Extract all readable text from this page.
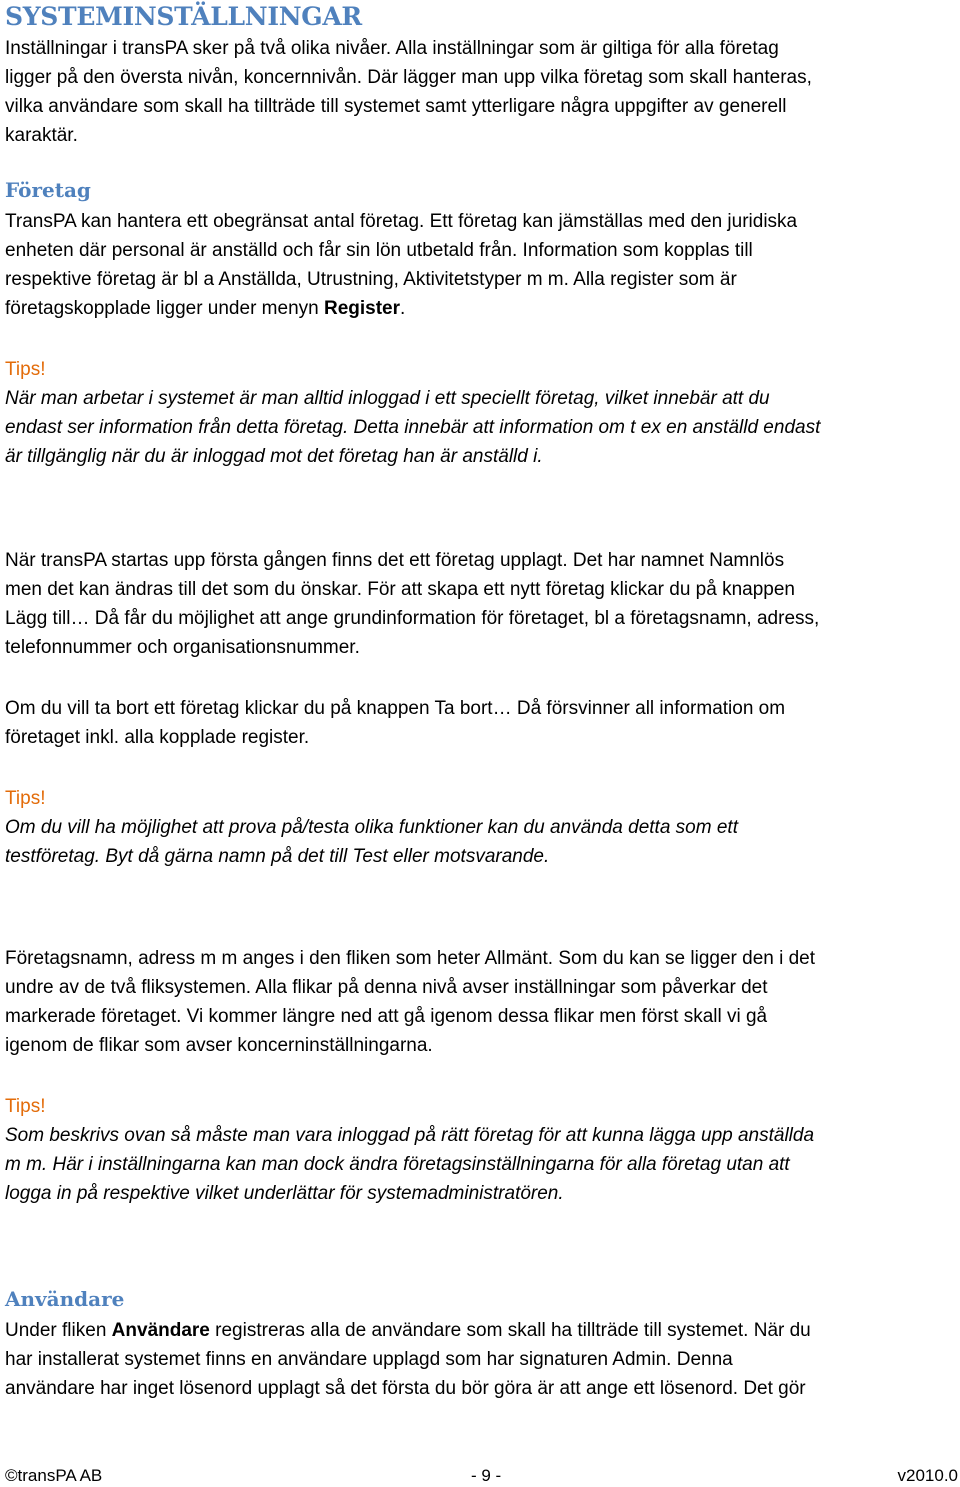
SYSTEMINSTÄLLNINGAR

Inställningar i transPA sker på två olika nivåer. Alla inställningar som är giltiga för alla företag

ligger på den översta nivån, koncernnivån. Där lägger man upp vilka företag som skall hanteras,

vilka användare som skall ha tillträde till systemet samt ytterligare några uppgifter av generell

karaktär.

Företag

TransPA kan hantera ett obegränsat antal företag. Ett företag kan jämställas med den juridiska

enheten där personal är anställd och får sin lön utbetald från. Information som kopplas till

respektive företag är bl a Anställda, Utrustning, Aktivitetstyper m m. Alla register som är

företagskopplade ligger under menyn Register.

Tips!

När man arbetar i systemet är man alltid inloggad i ett speciellt företag, vilket innebär att du

endast ser information från detta företag. Detta innebär att information om t ex en anställd endast

är tillgänglig när du är inloggad mot det företag han är anställd i.

När transPA startas upp första gången finns det ett företag upplagt. Det har namnet Namnlös

men det kan ändras till det som du önskar. För att skapa ett nytt företag klickar du på knappen

Lägg till… Då får du möjlighet att ange grundinformation för företaget, bl a företagsnamn, adress,

telefonnummer och organisationsnummer.

Om du vill ta bort ett företag klickar du på knappen Ta bort… Då försvinner all information om

företaget inkl. alla kopplade register.

Tips!

Om du vill ha möjlighet att prova på/testa olika funktioner kan du använda detta som ett

testföretag. Byt då gärna namn på det till Test eller motsvarande.

Företagsnamn, adress m m anges i den fliken som heter Allmänt. Som du kan se ligger den i det

undre av de två fliksystemen. Alla flikar på denna nivå avser inställningar som påverkar det

markerade företaget. Vi kommer längre ned att gå igenom dessa flikar men först skall vi gå

igenom de flikar som avser koncerninställningarna.

Tips!

Som beskrivs ovan så måste man vara inloggad på rätt företag för att kunna lägga upp anställda

m m. Här i inställningarna kan man dock ändra företagsinställningarna för alla företag utan att

logga in på respektive vilket underlättar för systemadministratören.

Användare

Under fliken Användare registreras alla de användare som skall ha tillträde till systemet. När du

har installerat systemet finns en användare upplagd som har signaturen Admin. Denna

användare har inget lösenord upplagt så det första du bör göra är att ange ett lösenord. Det gör

©transPA AB	- 9 -	v2010.0
